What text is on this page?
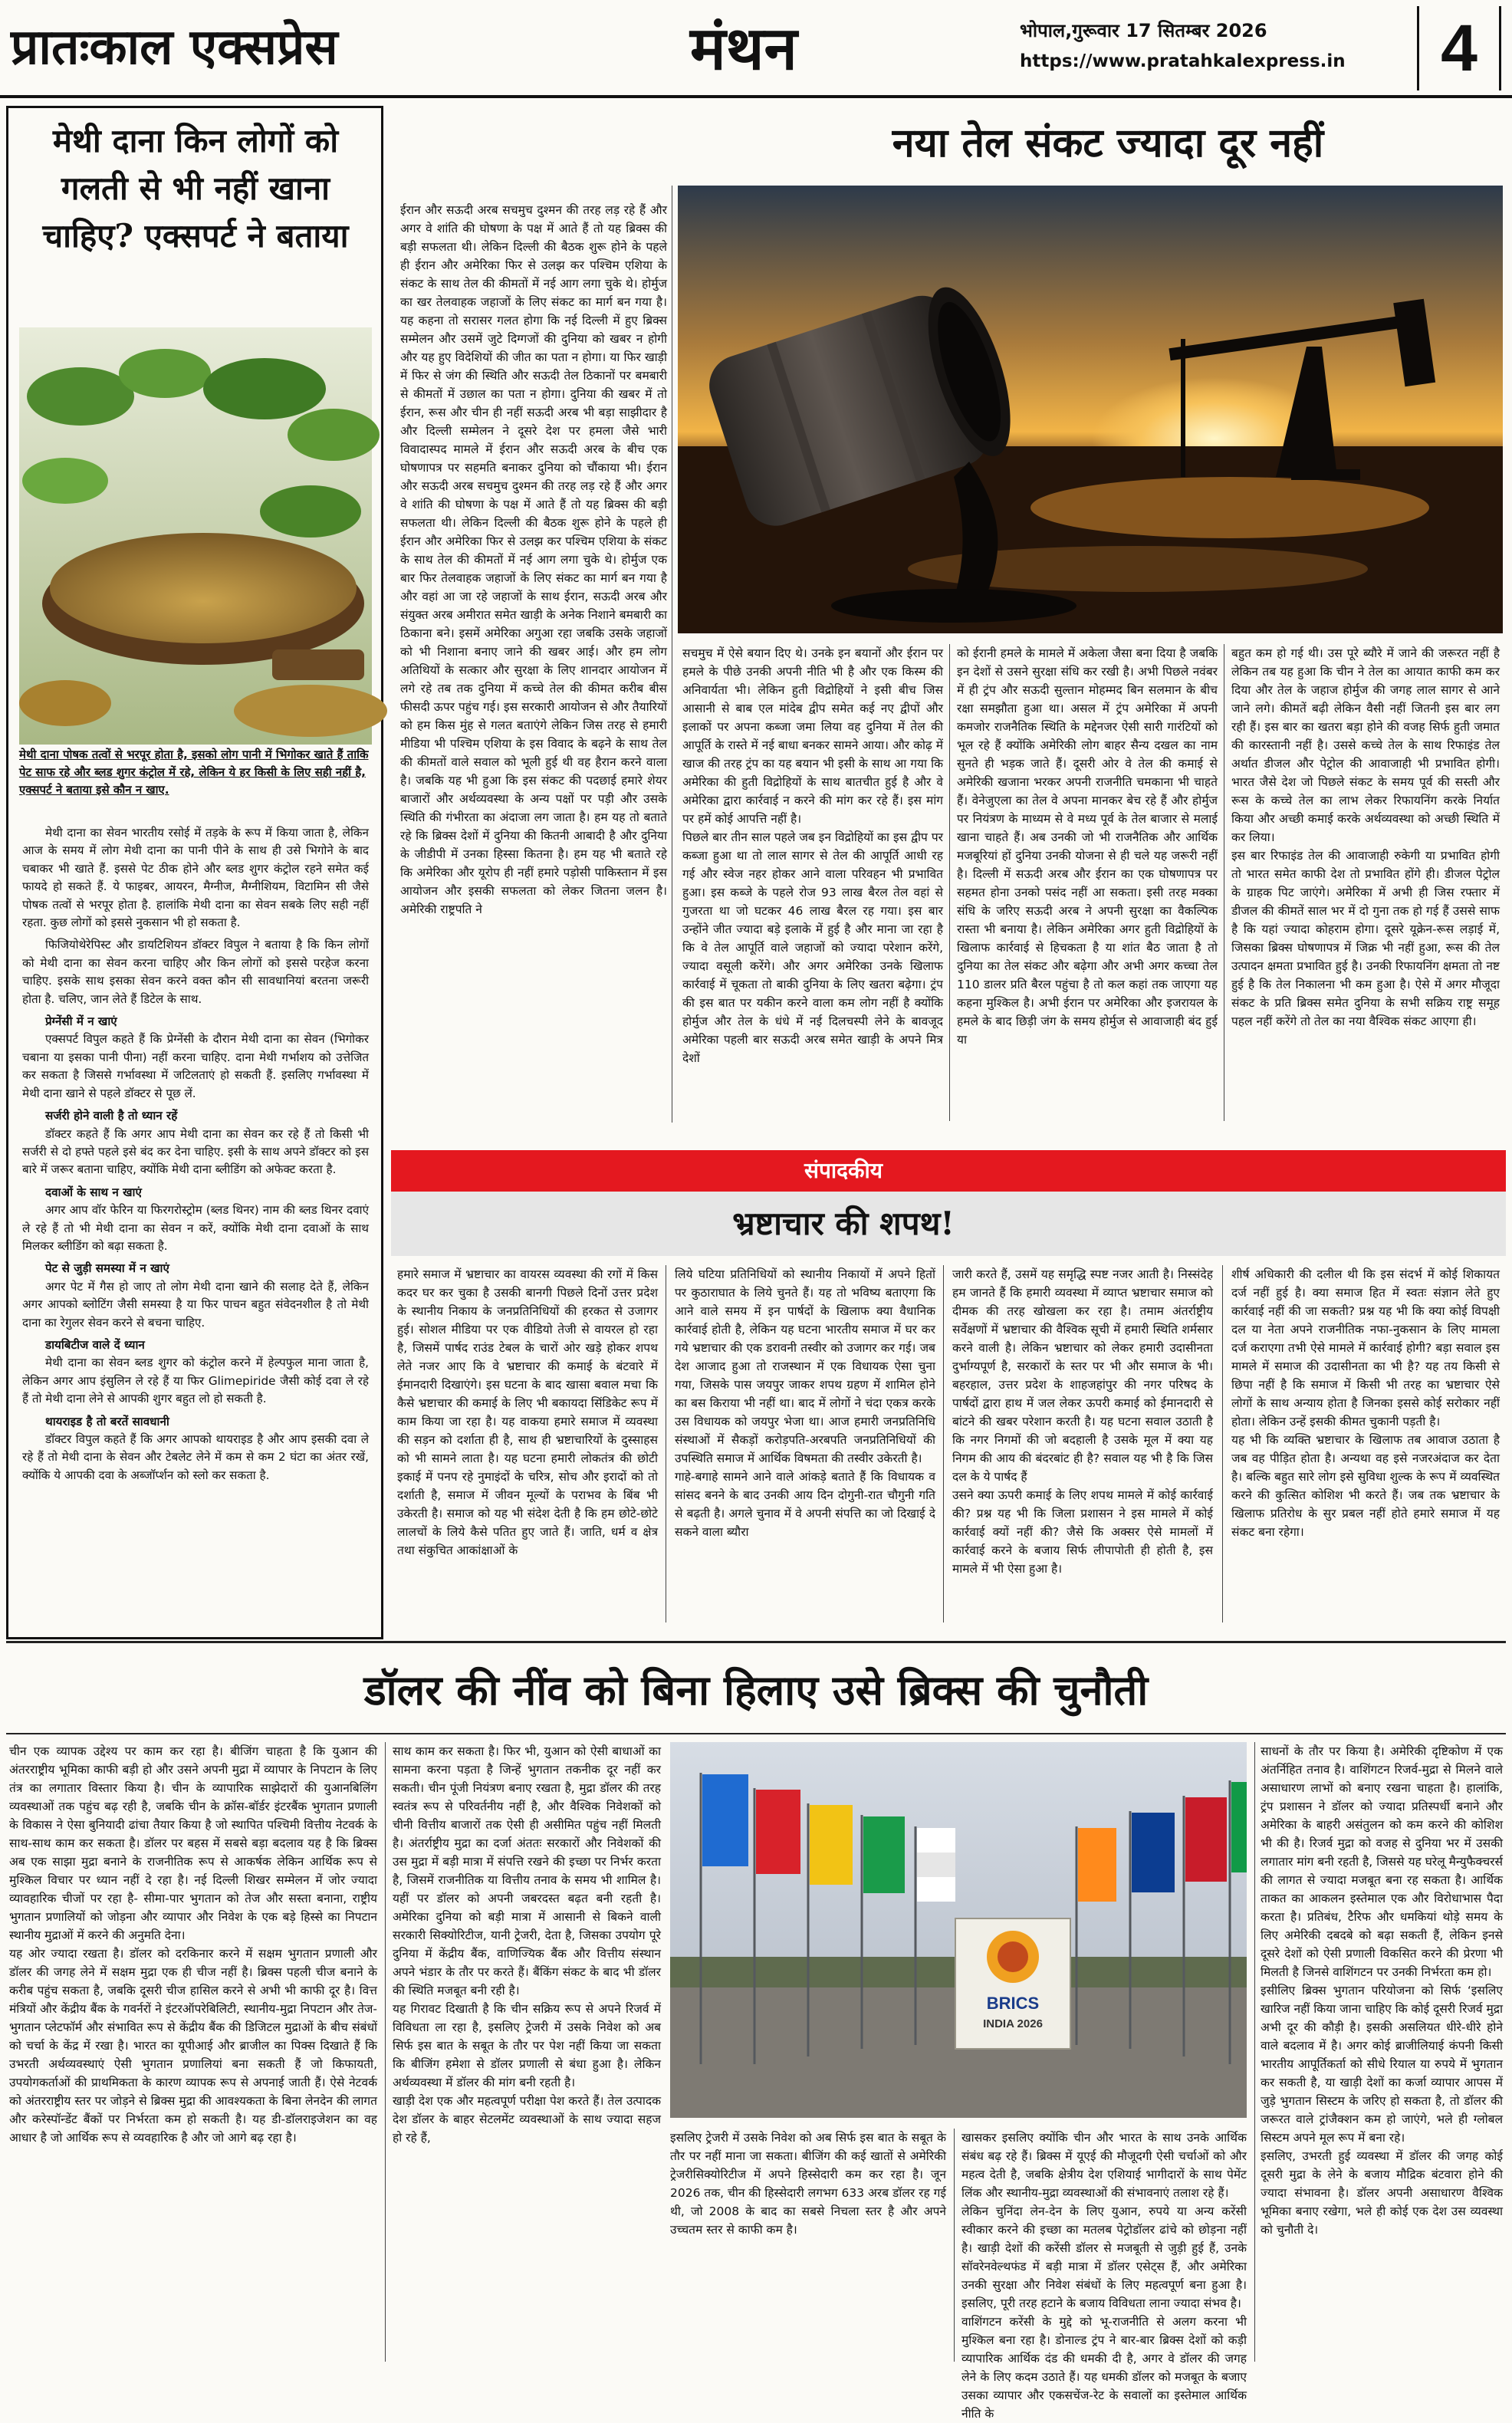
प्रातःकाल एक्सप्रेस	मंथन	भोपाल,गुरूवार 17 सितम्बर 2026
https://www.pratahkalexpress.in	4
मेथी दाना किन लोगों को गलती से भी नहीं खाना चाहिए? एक्सपर्ट ने बताया
मेथी दाना पोषक तत्वों से भरपूर होता है, इसको लोग पानी में भिगोकर खाते हैं ताकि पेट साफ रहे और ब्लड शुगर कंट्रोल में रहे, लेकिन ये हर किसी के लिए सही नहीं है, एक्सपर्ट ने बताया इसे कौन न खाए.

मेथी दाना का सेवन भारतीय रसोई में तड़के के रूप में किया जाता है, लेकिन आज के समय में लोग मेथी दाना का पानी पीने के साथ ही उसे भिगोने के बाद चबाकर भी खाते हैं. इससे पेट ठीक होने और ब्लड शुगर कंट्रोल रहने समेत कई फायदे हो सकते हैं. ये फाइबर, आयरन, मैग्नीज, मैग्नीशियम, विटामिन सी जैसे पोषक तत्वों से भरपूर होता है. हालांकि मेथी दाना का सेवन सबके लिए सही नहीं रहता. कुछ लोगों को इससे नुकसान भी हो सकता है.

फिजियोथेरेपिस्ट और डायटिशियन डॉक्टर विपुल ने बताया है कि किन लोगों को मेथी दाना का सेवन करना चाहिए और किन लोगों को इससे परहेज करना चाहिए. इसके साथ इसका सेवन करने वक्त कौन सी सावधानियां बरतना जरूरी होता है. चलिए, जान लेते हैं डिटेल के साथ.

प्रेग्नेंसी में न खाएं

एक्सपर्ट विपुल कहते हैं कि प्रेग्नेंसी के दौरान मेथी दाना का सेवन (भिगोकर चबाना या इसका पानी पीना) नहीं करना चाहिए. दाना मेथी गर्भाशय को उत्तेजित कर सकता है जिससे गर्भावस्था में जटिलताएं हो सकती हैं. इसलिए गर्भावस्था में मेथी दाना खाने से पहले डॉक्टर से पूछ लें.

सर्जरी होने वाली है तो ध्यान रहें

डॉक्टर कहते हैं कि अगर आप मेथी दाना का सेवन कर रहे हैं तो किसी भी सर्जरी से दो हफ्ते पहले इसे बंद कर देना चाहिए. इसी के साथ अपने डॉक्टर को इस बारे में जरूर बताना चाहिए, क्योंकि मेथी दाना ब्लीडिंग को अफेक्ट करता है.

दवाओं के साथ न खाएं

अगर आप वॉर फेरिन या फिरगरोस्ट्रोम (ब्लड थिनर) नाम की ब्लड थिनर दवाएं ले रहे हैं तो भी मेथी दाना का सेवन न करें, क्योंकि मेथी दाना दवाओं के साथ मिलकर ब्लीडिंग को बढ़ा सकता है.

पेट से जुड़ी समस्या में न खाएं

अगर पेट में गैस हो जाए तो लोग मेथी दाना खाने की सलाह देते हैं, लेकिन अगर आपको ब्लोटिंग जैसी समस्या है या फिर पाचन बहुत संवेदनशील है तो मेथी दाना का रेगुलर सेवन करने से बचना चाहिए.

डायबिटीज वाले दें ध्यान

मेथी दाना का सेवन ब्लड शुगर को कंट्रोल करने में हेल्पफुल माना जाता है, लेकिन अगर आप इंसुलिन ले रहे हैं या फिर Glimepiride जैसी कोई दवा ले रहे हैं तो मेथी दाना लेने से आपकी शुगर बहुत लो हो सकती है.

थायराइड है तो बरतें सावधानी

डॉक्टर विपुल कहते हैं कि अगर आपको थायराइड है और आप इसकी दवा ले रहे हैं तो मेथी दाना के सेवन और टेबलेट लेने में कम से कम 2 घंटा का अंतर रखें, क्योंकि ये आपकी दवा के अब्जॉर्प्शन को स्लो कर सकता है.

नया तेल संकट ज्यादा दूर नहीं
ईरान और सऊदी अरब सचमुच दुश्मन की तरह लड़ रहे हैं और अगर वे शांति की घोषणा के पक्ष में आते हैं तो यह ब्रिक्स की बड़ी सफलता थी। लेकिन दिल्ली की बैठक शुरू होने के पहले ही ईरान और अमेरिका फिर से उलझ कर पश्चिम एशिया के संकट के साथ तेल की कीमतों में नई आग लगा चुके थे। होर्मुज का खर तेलवाहक जहाजों के लिए संकट का मार्ग बन गया है। यह कहना तो सरासर गलत होगा कि नई दिल्ली में हुए ब्रिक्स सम्मेलन और उसमें जुटे दिग्गजों की दुनिया को खबर न होगी और यह हुए विदेशियों की जीत का पता न होगा। या फिर खाड़ी में फिर से जंग की स्थिति और सऊदी तेल ठिकानों पर बमबारी से कीमतों में उछाल का पता न होगा। दुनिया की खबर में तो ईरान, रूस और चीन ही नहीं सऊदी अरब भी बड़ा साझीदार है और दिल्ली सम्मेलन ने दूसरे देश पर हमला जैसे भारी विवादास्पद मामले में ईरान और सऊदी अरब के बीच एक घोषणापत्र पर सहमति बनाकर दुनिया को चौंकाया भी। ईरान और सऊदी अरब सचमुच दुश्मन की तरह लड़ रहे हैं और अगर वे शांति की घोषणा के पक्ष में आते हैं तो यह ब्रिक्स की बड़ी सफलता थी। लेकिन दिल्ली की बैठक शुरू होने के पहले ही ईरान और अमेरिका फिर से उलझ कर पश्चिम एशिया के संकट के साथ तेल की कीमतों में नई आग लगा चुके थे। होर्मुज एक बार फिर तेलवाहक जहाजों के लिए संकट का मार्ग बन गया है और वहां आ जा रहे जहाजों के साथ ईरान, सऊदी अरब और संयुक्त अरब अमीरात समेत खाड़ी के अनेक निशाने बमबारी का ठिकाना बने। इसमें अमेरिका अगुआ रहा जबकि उसके जहाजों को भी निशाना बनाए जाने की खबर आई। और हम लोग अतिथियों के सत्कार और सुरक्षा के लिए शानदार आयोजन में लगे रहे तब तक दुनिया में कच्चे तेल की कीमत करीब बीस फीसदी ऊपर पहुंच गई। इस सरकारी आयोजन से और तैयारियों को हम किस मुंह से गलत बताएंगे लेकिन जिस तरह से हमारी मीडिया भी पश्चिम एशिया के इस विवाद के बढ़ने के साथ तेल की कीमतों वाले सवाल को भूली हुई थी वह हैरान करने वाला है। जबकि यह भी हुआ कि इस संकट की पदछाई हमारे शेयर बाजारों और अर्थव्यवस्था के अन्य पक्षों पर पड़ी और उसके स्थिति की गंभीरता का अंदाजा लग जाता है। हम यह तो बताते रहे कि ब्रिक्स देशों में दुनिया की कितनी आबादी है और दुनिया के जीडीपी में उनका हिस्सा कितना है। हम यह भी बताते रहे कि अमेरिका और यूरोप ही नहीं हमारे पड़ोसी पाकिस्तान में इस आयोजन और इसकी सफलता को लेकर जितना जलन है। अमेरिकी राष्ट्रपति ने
सचमुच में ऐसे बयान दिए थे। उनके इन बयानों और ईरान पर हमले के पीछे उनकी अपनी नीति भी है और एक किस्म की अनिवार्यता भी। लेकिन हुती विद्रोहियों ने इसी बीच जिस आसानी से बाब एल मांदेब द्वीप समेत कई नए द्वीपों और इलाकों पर अपना कब्जा जमा लिया वह दुनिया में तेल की आपूर्ति के रास्ते में नई बाधा बनकर सामने आया। और कोढ़ में खाज की तरह ट्रंप का यह बयान भी इसी के साथ आ गया कि अमेरिका की हुती विद्रोहियों के साथ बातचीत हुई है और वे अमेरिका द्वारा कार्रवाई न करने की मांग कर रहे हैं। इस मांग पर हमें कोई आपत्ति नहीं है।
पिछले बार तीन साल पहले जब इन विद्रोहियों का इस द्वीप पर कब्जा हुआ था तो लाल सागर से तेल की आपूर्ति आधी रह गई और स्वेज नहर होकर आने वाला परिवहन भी प्रभावित हुआ। इस कब्जे के पहले रोज 93 लाख बैरल तेल वहां से गुजरता था जो घटकर 46 लाख बैरल रह गया। इस बार उन्होंने जीत ज्यादा बड़े इलाके में हुई है और माना जा रहा है कि वे तेल आपूर्ति वाले जहाजों को ज्यादा परेशान करेंगे, ज्यादा वसूली करेंगे। और अगर अमेरिका उनके खिलाफ कार्रवाई में चूकता तो बाकी दुनिया के लिए खतरा बढ़ेगा। ट्रंप की इस बात पर यकीन करने वाला कम लोग नहीं है क्योंकि होर्मुज और तेल के धंधे में नई दिलचस्पी लेने के बावजूद अमेरिका पहली बार सऊदी अरब समेत खाड़ी के अपने मित्र देशों
को ईरानी हमले के मामले में अकेला जैसा बना दिया है जबकि इन देशों से उसने सुरक्षा संधि कर रखी है। अभी पिछले नवंबर में ही ट्रंप और सऊदी सुल्तान मोहम्मद बिन सलमान के बीच रक्षा समझौता हुआ था। असल में ट्रंप अमेरिका में अपनी कमजोर राजनैतिक स्थिति के मद्देनजर ऐसी सारी गारंटियों को भूल रहे हैं क्योंकि अमेरिकी लोग बाहर सैन्य दखल का नाम सुनते ही भड़क जाते हैं। दूसरी ओर वे तेल की कमाई से अमेरिकी खजाना भरकर अपनी राजनीति चमकाना भी चाहते हैं। वेनेजुएला का तेल वे अपना मानकर बेच रहे हैं और होर्मुज पर नियंत्रण के माध्यम से वे मध्य पूर्व के तेल बाजार से मलाई खाना चाहते हैं। अब उनकी जो भी राजनैतिक और आर्थिक मजबूरियां हों दुनिया उनकी योजना से ही चले यह जरूरी नहीं है। दिल्ली में सऊदी अरब और ईरान का एक घोषणापत्र पर सहमत होना उनको पसंद नहीं आ सकता। इसी तरह मक्का संधि के जरिए सऊदी अरब ने अपनी सुरक्षा का वैकल्पिक रास्ता भी बनाया है। लेकिन अमेरिका अगर हुती विद्रोहियों के खिलाफ कार्रवाई से हिचकता है या शांत बैठ जाता है तो दुनिया का तेल संकट और बढ़ेगा और अभी अगर कच्चा तेल 110 डालर प्रति बैरल पहुंचा है तो कल कहां तक जाएगा यह कहना मुश्किल है। अभी ईरान पर अमेरिका और इजरायल के हमले के बाद छिड़ी जंग के समय होर्मुज से आवाजाही बंद हुई या
बहुत कम हो गई थी। उस पूरे ब्यौरे में जाने की जरूरत नहीं है लेकिन तब यह हुआ कि चीन ने तेल का आयात काफी कम कर दिया और तेल के जहाज होर्मुज की जगह लाल सागर से आने जाने लगे। कीमतें बढ़ी लेकिन वैसी नहीं जितनी इस बार लग रही हैं। इस बार का खतरा बड़ा होने की वजह सिर्फ हुती जमात की कारस्तानी नहीं है। उससे कच्चे तेल के साथ रिफाइंड तेल अर्थात डीजल और पेट्रोल की आवाजाही भी प्रभावित होगी। भारत जैसे देश जो पिछले संकट के समय पूर्व की सस्ती और रूस के कच्चे तेल का लाभ लेकर रिफायनिंग करके निर्यात किया और अच्छी कमाई करके अर्थव्यवस्था को अच्छी स्थिति में कर लिया।
इस बार रिफाइंड तेल की आवाजाही रुकेगी या प्रभावित होगी तो भारत समेत काफी देश तो प्रभावित होंगे ही। डीजल पेट्रोल के ग्राहक पिट जाएंगे। अमेरिका में अभी ही जिस रफ्तार में डीजल की कीमतें साल भर में दो गुना तक हो गई हैं उससे साफ है कि यहां ज्यादा कोहराम होगा। दूसरे यूक्रेन-रूस लड़ाई में, जिसका ब्रिक्स घोषणापत्र में जिक्र भी नहीं हुआ, रूस की तेल उत्पादन क्षमता प्रभावित हुई है। उनकी रिफायनिंग क्षमता तो नष्ट हुई है कि तेल निकालना भी कम हुआ है। ऐसे में अगर मौजूदा संकट के प्रति ब्रिक्स समेत दुनिया के सभी सक्रिय राष्ट्र समूह पहल नहीं करेंगे तो तेल का नया वैश्विक संकट आएगा ही।
संपादकीय
भ्रष्टाचार की शपथ!
हमारे समाज में भ्रष्टाचार का वायरस व्यवस्था की रगों में किस कदर घर कर चुका है उसकी बानगी पिछले दिनों उत्तर प्रदेश के स्थानीय निकाय के जनप्रतिनिधियों की हरकत से उजागर हुई। सोशल मीडिया पर एक वीडियो तेजी से वायरल हो रहा है, जिसमें पार्षद राउंड टेबल के चारों ओर खड़े होकर शपथ लेते नजर आए कि वे भ्रष्टाचार की कमाई के बंटवारे में ईमानदारी दिखाएंगे। इस घटना के बाद खासा बवाल मचा कि कैसे भ्रष्टाचार की कमाई के लिए भी बकायदा सिंडिकेट रूप में काम किया जा रहा है। यह वाकया हमारे समाज में व्यवस्था की सड़न को दर्शाता ही है, साथ ही भ्रष्टाचारियों के दुस्साहस को भी सामने लाता है। यह घटना हमारी लोकतंत्र की छोटी इकाई में पनप रहे नुमाइंदों के चरित्र, सोच और इरादों को तो दर्शाती है, समाज में जीवन मूल्यों के पराभव के बिंब भी उकेरती है। समाज को यह भी संदेश देती है कि हम छोटे-छोटे लालचों के लिये कैसे पतित हुए जाते हैं। जाति, धर्म व क्षेत्र तथा संकुचित आकांक्षाओं के
लिये घटिया प्रतिनिधियों को स्थानीय निकायों में अपने हितों पर कुठाराघात के लिये चुनते हैं। यह तो भविष्य बताएगा कि आने वाले समय में इन पार्षदों के खिलाफ क्या वैधानिक कार्रवाई होती है, लेकिन यह घटना भारतीय समाज में घर कर गये भ्रष्टाचार की एक डरावनी तस्वीर को उजागर कर गई। जब देश आजाद हुआ तो राजस्थान में एक विधायक ऐसा चुना गया, जिसके पास जयपुर जाकर शपथ ग्रहण में शामिल होने का बस किराया भी नहीं था। बाद में लोगों ने चंदा एकत्र करके उस विधायक को जयपुर भेजा था। आज हमारी जनप्रतिनिधि संस्थाओं में सैकड़ों करोड़पति-अरबपति जनप्रतिनिधियों की उपस्थिति समाज में आर्थिक विषमता की तस्वीर उकेरती है।
गाहे-बगाहे सामने आने वाले आंकड़े बताते हैं कि विधायक व सांसद बनने के बाद उनकी आय दिन दोगुनी-रात चौगुनी गति से बढ़ती है। अगले चुनाव में वे अपनी संपत्ति का जो दिखाई दे सकने वाला ब्यौरा
जारी करते हैं, उसमें यह समृद्धि स्पष्ट नजर आती है। निस्संदेह हम जानते हैं कि हमारी व्यवस्था में व्याप्त भ्रष्टाचार समाज को दीमक की तरह खोखला कर रहा है। तमाम अंतर्राष्ट्रीय सर्वेक्षणों में भ्रष्टाचार की वैश्विक सूची में हमारी स्थिति शर्मसार करने वाली है। लेकिन भ्रष्टाचार को लेकर हमारी उदासीनता दुर्भाग्यपूर्ण है, सरकारों के स्तर पर भी और समाज के भी। बहरहाल, उत्तर प्रदेश के शाहजहांपुर की नगर परिषद के पार्षदों द्वारा हाथ में जल लेकर ऊपरी कमाई को ईमानदारी से बांटने की खबर परेशान करती है। यह घटना सवाल उठाती है कि नगर निगमों की जो बदहाली है उसके मूल में क्या यह निगम की आय की बंदरबांट ही है? सवाल यह भी है कि जिस दल के ये पार्षद हैं
उसने क्या ऊपरी कमाई के लिए शपथ मामले में कोई कार्रवाई की? प्रश्न यह भी कि जिला प्रशासन ने इस मामले में कोई कार्रवाई क्यों नहीं की? जैसे कि अक्सर ऐसे मामलों में कार्रवाई करने के बजाय सिर्फ लीपापोती ही होती है, इस मामले में भी ऐसा हुआ है।
शीर्ष अधिकारी की दलील थी कि इस संदर्भ में कोई शिकायत दर्ज नहीं हुई है। क्या समाज हित में स्वतः संज्ञान लेते हुए कार्रवाई नहीं की जा सकती? प्रश्न यह भी कि क्या कोई विपक्षी दल या नेता अपने राजनीतिक नफा-नुकसान के लिए मामला दर्ज कराएगा तभी ऐसे मामले में कार्रवाई होगी? बड़ा सवाल इस मामले में समाज की उदासीनता का भी है? यह तय किसी से छिपा नहीं है कि समाज में किसी भी तरह का भ्रष्टाचार ऐसे लोगों के साथ अन्याय होता है जिनका इससे कोई सरोकार नहीं होता। लेकिन उन्हें इसकी कीमत चुकानी पड़ती है।
यह भी कि व्यक्ति भ्रष्टाचार के खिलाफ तब आवाज उठाता है जब वह पीड़ित होता है। अन्यथा वह इसे नजरअंदाज कर देता है। बल्कि बहुत सारे लोग इसे सुविधा शुल्क के रूप में व्यवस्थित करने की कुत्सित कोशिश भी करते हैं। जब तक भ्रष्टाचार के खिलाफ प्रतिरोध के सुर प्रबल नहीं होते हमारे समाज में यह संकट बना रहेगा।
डॉलर की नींव को बिना हिलाए उसे ब्रिक्स की चुनौती
चीन एक व्यापक उद्देश्य पर काम कर रहा है। बीजिंग चाहता है कि युआन की अंतरराष्ट्रीय भूमिका काफी बड़ी हो और उसने अपनी मुद्रा में व्यापार के निपटान के लिए तंत्र का लगातार विस्तार किया है। चीन के व्यापारिक साझेदारों की युआनबिलिंग व्यवस्थाओं तक पहुंच बढ़ रही है, जबकि चीन के क्रॉस-बॉर्डर इंटरबैंक भुगतान प्रणाली के विकास ने ऐसा बुनियादी ढांचा तैयार किया है जो स्थापित पश्चिमी वित्तीय नेटवर्क के साथ-साथ काम कर सकता है। डॉलर पर बहस में सबसे बड़ा बदलाव यह है कि ब्रिक्स अब एक साझा मुद्रा बनाने के राजनीतिक रूप से आकर्षक लेकिन आर्थिक रूप से मुश्किल विचार पर ध्यान नहीं दे रहा है। नई दिल्ली शिखर सम्मेलन में जोर ज्यादा व्यावहारिक चीजों पर रहा है- सीमा-पार भुगतान को तेज और सस्ता बनाना, राष्ट्रीय भुगतान प्रणालियों को जोड़ना और व्यापार और निवेश के एक बड़े हिस्से का निपटान स्थानीय मुद्राओं में करने की अनुमति देना।
यह ओर ज्यादा रखता है। डॉलर को दरकिनार करने में सक्षम भुगतान प्रणाली और डॉलर की जगह लेने में सक्षम मुद्रा एक ही चीज नहीं है। ब्रिक्स पहली चीज बनाने के करीब पहुंच सकता है, जबकि दूसरी चीज हासिल करने से अभी भी काफी दूर है। वित्त मंत्रियों और केंद्रीय बैंक के गवर्नरों ने इंटरऑपरेबिलिटी, स्थानीय-मुद्रा निपटान और तेज-भुगतान प्लेटफॉर्म और संभावित रूप से केंद्रीय बैंक की डिजिटल मुद्राओं के बीच संबंधों को चर्चा के केंद्र में रखा है। भारत का यूपीआई और ब्राजील का पिक्स दिखाते हैं कि उभरती अर्थव्यवस्थाएं ऐसी भुगतान प्रणालियां बना सकती हैं जो किफायती, उपयोगकर्ताओं की प्राथमिकता के कारण व्यापक रूप से अपनाई जाती हैं। ऐसे नेटवर्क को अंतरराष्ट्रीय स्तर पर जोड़ने से ब्रिक्स मुद्रा की आवश्यकता के बिना लेनदेन की लागत और करेस्पॉन्डेंट बैंकों पर निर्भरता कम हो सकती है। यह डी-डॉलराइजेशन का वह आधार है जो आर्थिक रूप से व्यवहारिक है और जो आगे बढ़ रहा है।
साथ काम कर सकता है। फिर भी, युआन को ऐसी बाधाओं का सामना करना पड़ता है जिन्हें भुगतान तकनीक दूर नहीं कर सकती। चीन पूंजी नियंत्रण बनाए रखता है, मुद्रा डॉलर की तरह स्वतंत्र रूप से परिवर्तनीय नहीं है, और वैश्विक निवेशकों को चीनी वित्तीय बाजारों तक ऐसी ही असीमित पहुंच नहीं मिलती है। अंतर्राष्ट्रीय मुद्रा का दर्जा अंततः सरकारों और निवेशकों की उस मुद्रा में बड़ी मात्रा में संपत्ति रखने की इच्छा पर निर्भर करता है, जिसमें राजनीतिक या वित्तीय तनाव के समय भी शामिल है। यहीं पर डॉलर को अपनी जबरदस्त बढ़त बनी रहती है। अमेरिका दुनिया को बड़ी मात्रा में आसानी से बिकने वाली सरकारी सिक्योरिटीज, यानी ट्रेजरी, देता है, जिसका उपयोग पूरे दुनिया में केंद्रीय बैंक, वाणिज्यिक बैंक और वित्तीय संस्थान अपने भंडार के तौर पर करते हैं। बैंकिंग संकट के बाद भी डॉलर की स्थिति मजबूत बनी रही है।
यह गिरावट दिखाती है कि चीन सक्रिय रूप से अपने रिजर्व में विविधता ला रहा है, इसलिए ट्रेजरी में उसके निवेश को अब सिर्फ इस बात के सबूत के तौर पर पेश नहीं किया जा सकता कि बीजिंग हमेशा से डॉलर प्रणाली से बंधा हुआ है। लेकिन अर्थव्यवस्था में डॉलर की मांग बनी रहती है।
खाड़ी देश एक और महत्वपूर्ण परीक्षा पेश करते हैं। तेल उत्पादक देश डॉलर के बाहर सेटलमेंट व्यवस्थाओं के साथ ज्यादा सहज हो रहे हैं,
BRICS
INDIA 2026
इसलिए ट्रेजरी में उसके निवेश को अब सिर्फ इस बात के सबूत के तौर पर नहीं माना जा सकता। बीजिंग की कई खातों से अमेरिकी ट्रेजरीसिक्योरिटीज में अपने हिस्सेदारी कम कर रहा है। जून 2026 तक, चीन की हिस्सेदारी लगभग 633 अरब डॉलर रह गई थी, जो 2008 के बाद का सबसे निचला स्तर है और अपने उच्चतम स्तर से काफी कम है।
खासकर इसलिए क्योंकि चीन और भारत के साथ उनके आर्थिक संबंध बढ़ रहे हैं। ब्रिक्स में यूएई की मौजूदगी ऐसी चर्चाओं को और महत्व देती है, जबकि क्षेत्रीय देश एशियाई भागीदारों के साथ पेमेंट लिंक और स्थानीय-मुद्रा व्यवस्थाओं की संभावनाएं तलाश रहे हैं।
लेकिन चुनिंदा लेन-देन के लिए युआन, रुपये या अन्य करेंसी स्वीकार करने की इच्छा का मतलब पेट्रोडॉलर ढांचे को छोड़ना नहीं है। खाड़ी देशों की करेंसी डॉलर से मजबूती से जुड़ी हुई हैं, उनके सॉवरेनवेल्थफंड में बड़ी मात्रा में डॉलर एसेट्स हैं, और अमेरिका उनकी सुरक्षा और निवेश संबंधों के लिए महत्वपूर्ण बना हुआ है। इसलिए, पूरी तरह हटाने के बजाय विविधता लाना ज्यादा संभव है।
वाशिंगटन करेंसी के मुद्दे को भू-राजनीति से अलग करना भी मुश्किल बना रहा है। डोनाल्ड ट्रंप ने बार-बार ब्रिक्स देशों को कड़ी व्यापारिक आर्थिक दंड की धमकी दी है, अगर वे डॉलर की जगह लेने के लिए कदम उठाते हैं। यह धमकी डॉलर को मजबूत के बजाए उसका व्यापार और एकसचेंज-रेट के सवालों का इस्तेमाल आर्थिक नीति के
साधनों के तौर पर किया है। अमेरिकी दृष्टिकोण में एक अंतर्निहित तनाव है। वाशिंगटन रिजर्व-मुद्रा से मिलने वाले असाधारण लाभों को बनाए रखना चाहता है। हालांकि, ट्रंप प्रशासन ने डॉलर को ज्यादा प्रतिस्पर्धी बनाने और अमेरिका के बाहरी असंतुलन को कम करने की कोशिश भी की है। रिजर्व मुद्रा को वजह से दुनिया भर में उसकी लगातार मांग बनी रहती है, जिससे यह घरेलू मैन्युफैक्चरर्स की लागत से ज्यादा मजबूत बना रह सकता है। आर्थिक ताकत का आकलन इस्तेमाल एक और विरोधाभास पैदा करता है। प्रतिबंध, टैरिफ और धमकियां थोड़े समय के लिए अमेरिकी दबदबे को बढ़ा सकती हैं, लेकिन इनसे दूसरे देशों को ऐसी प्रणाली विकसित करने की प्रेरणा भी मिलती है जिनसे वाशिंगटन पर उनकी निर्भरता कम हो।
इसीलिए ब्रिक्स भुगतान परियोजना को सिर्फ ‘इसलिए खारिज नहीं किया जाना चाहिए कि कोई दूसरी रिजर्व मुद्रा अभी दूर की कौड़ी है। इसकी असलियत धीरे-धीरे होने वाले बदलाव में है। अगर कोई ब्राजीलियाई कंपनी किसी भारतीय आपूर्तिकर्ता को सीधे रियाल या रुपये में भुगतान कर सकती है, या खाड़ी देशों का कर्जा व्यापार आपस में जुड़े भुगतान सिस्टम के जरिए हो सकता है, तो डॉलर की जरूरत वाले ट्रांजैक्शन कम हो जाएंगे, भले ही ग्लोबल सिस्टम अपने मूल रूप में बना रहे।
इसलिए, उभरती हुई व्यवस्था में डॉलर की जगह कोई दूसरी मुद्रा के लेने के बजाय मौद्रिक बंटवारा होने की ज्यादा संभावना है। डॉलर अपनी असाधारण वैश्विक भूमिका बनाए रखेगा, भले ही कोई एक देश उस व्यवस्था को चुनौती दे।
